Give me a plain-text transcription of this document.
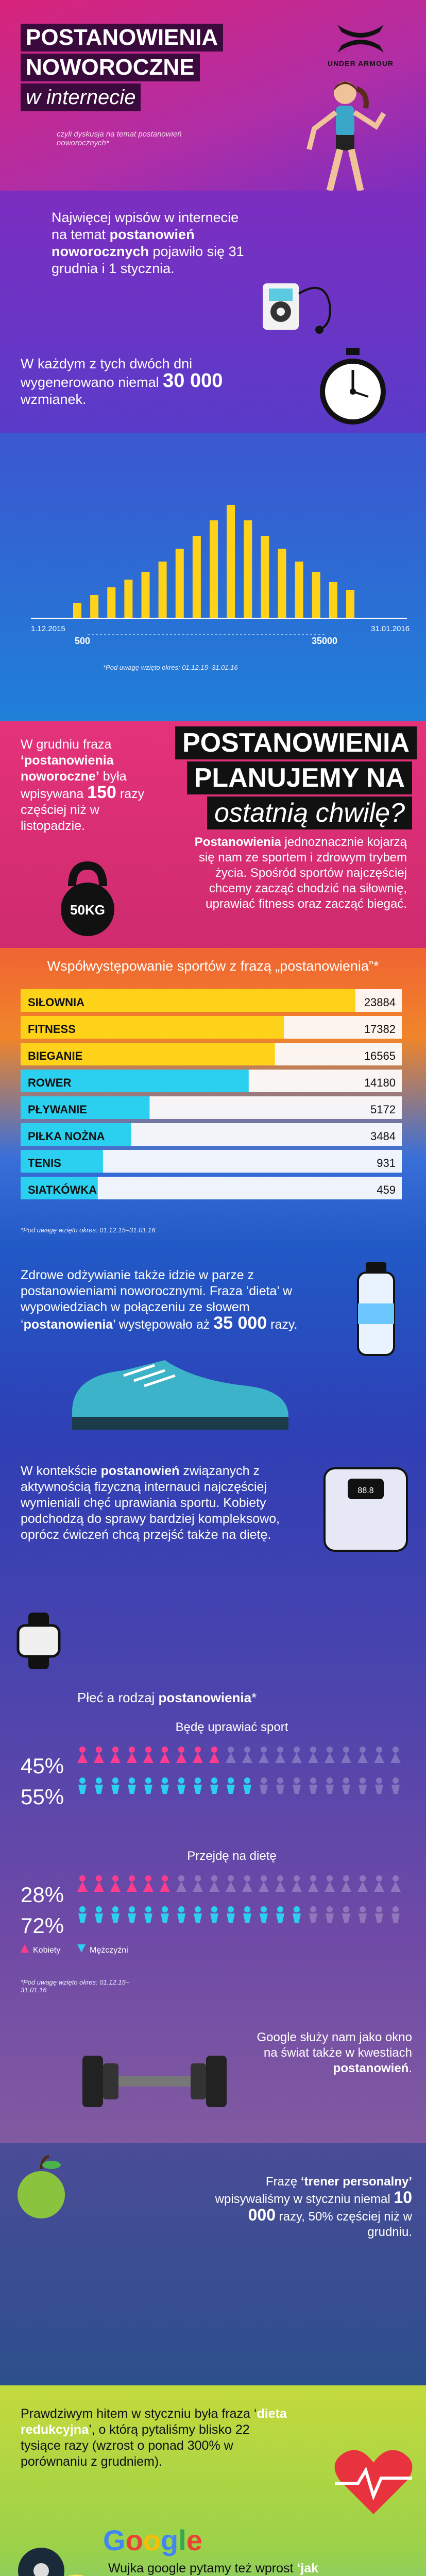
POSTANOWIENIA
NOWOROCZNE
w internecie
czyli dyskusja na temat postanowień noworocznych*
UNDER ARMOUR
Najwięcej wpisów w internecie na temat postanowień noworocznych pojawiło się 31 grudnia i 1 stycznia.
W każdym z tych dwóch dni wygenerowano niemal 30 000 wzmianek.
1.12.2015	31.01.2016
500	35000
*Pod uwagę wzięto okres: 01.12.15–31.01.16
W grudniu fraza ‘postanowienia noworoczne’ była wpisywana 150 razy częściej niż w listopadzie.
POSTANOWIENIA
PLANUJEMY NA
ostatnią chwilę?
50KG
Postanowienia jednoznacznie kojarzą się nam ze sportem i zdrowym trybem życia. Spośród sportów najczęściej chcemy zacząć chodzić na siłownię, uprawiać fitness oraz zacząć biegać.
Współwystępowanie sportów z frazą „postanowienia”*
SIŁOWNIA	23884
FITNESS	17382
BIEGANIE	16565
ROWER	14180
PŁYWANIE	5172
PIŁKA NOŻNA	3484
TENIS	931
SIATKÓWKA	459
*Pod uwagę wzięto okres: 01.12.15–31.01.16
Zdrowe odżywianie także idzie w parze z postanowieniami noworocznymi. Fraza ‘dieta’ w wypowiedziach w połączeniu ze słowem ‘postanowienia’ występowało aż 35 000 razy.
W kontekście postanowień związanych z aktywnością fizyczną internauci najczęściej wymieniali chęć uprawiania sportu. Kobiety podchodzą do sprawy bardziej kompleksowo, oprócz ćwiczeń chcą przejść także na dietę.
88.8
Płeć a rodzaj postanowienia*
Będę uprawiać sport
Przejdę na dietę
45%
55%
28%
72%
Kobiety	Mężczyźni
*Pod uwagę wzięto okres: 01.12.15–31.01.16
Google służy nam jako okno na świat także w kwestiach postanowień.
Frazę ‘trener personalny’ wpisywaliśmy w styczniu niemal 10 000 razy, 50% częściej niż w grudniu.
Prawdziwym hitem w styczniu była fraza ‘dieta redukcyjna’, o którą pytaliśmy blisko 22 tysiące razy (wzrost o ponad 300% w porównaniu z grudniem).
Google
Wujka google pytamy też wprost ‘jak
